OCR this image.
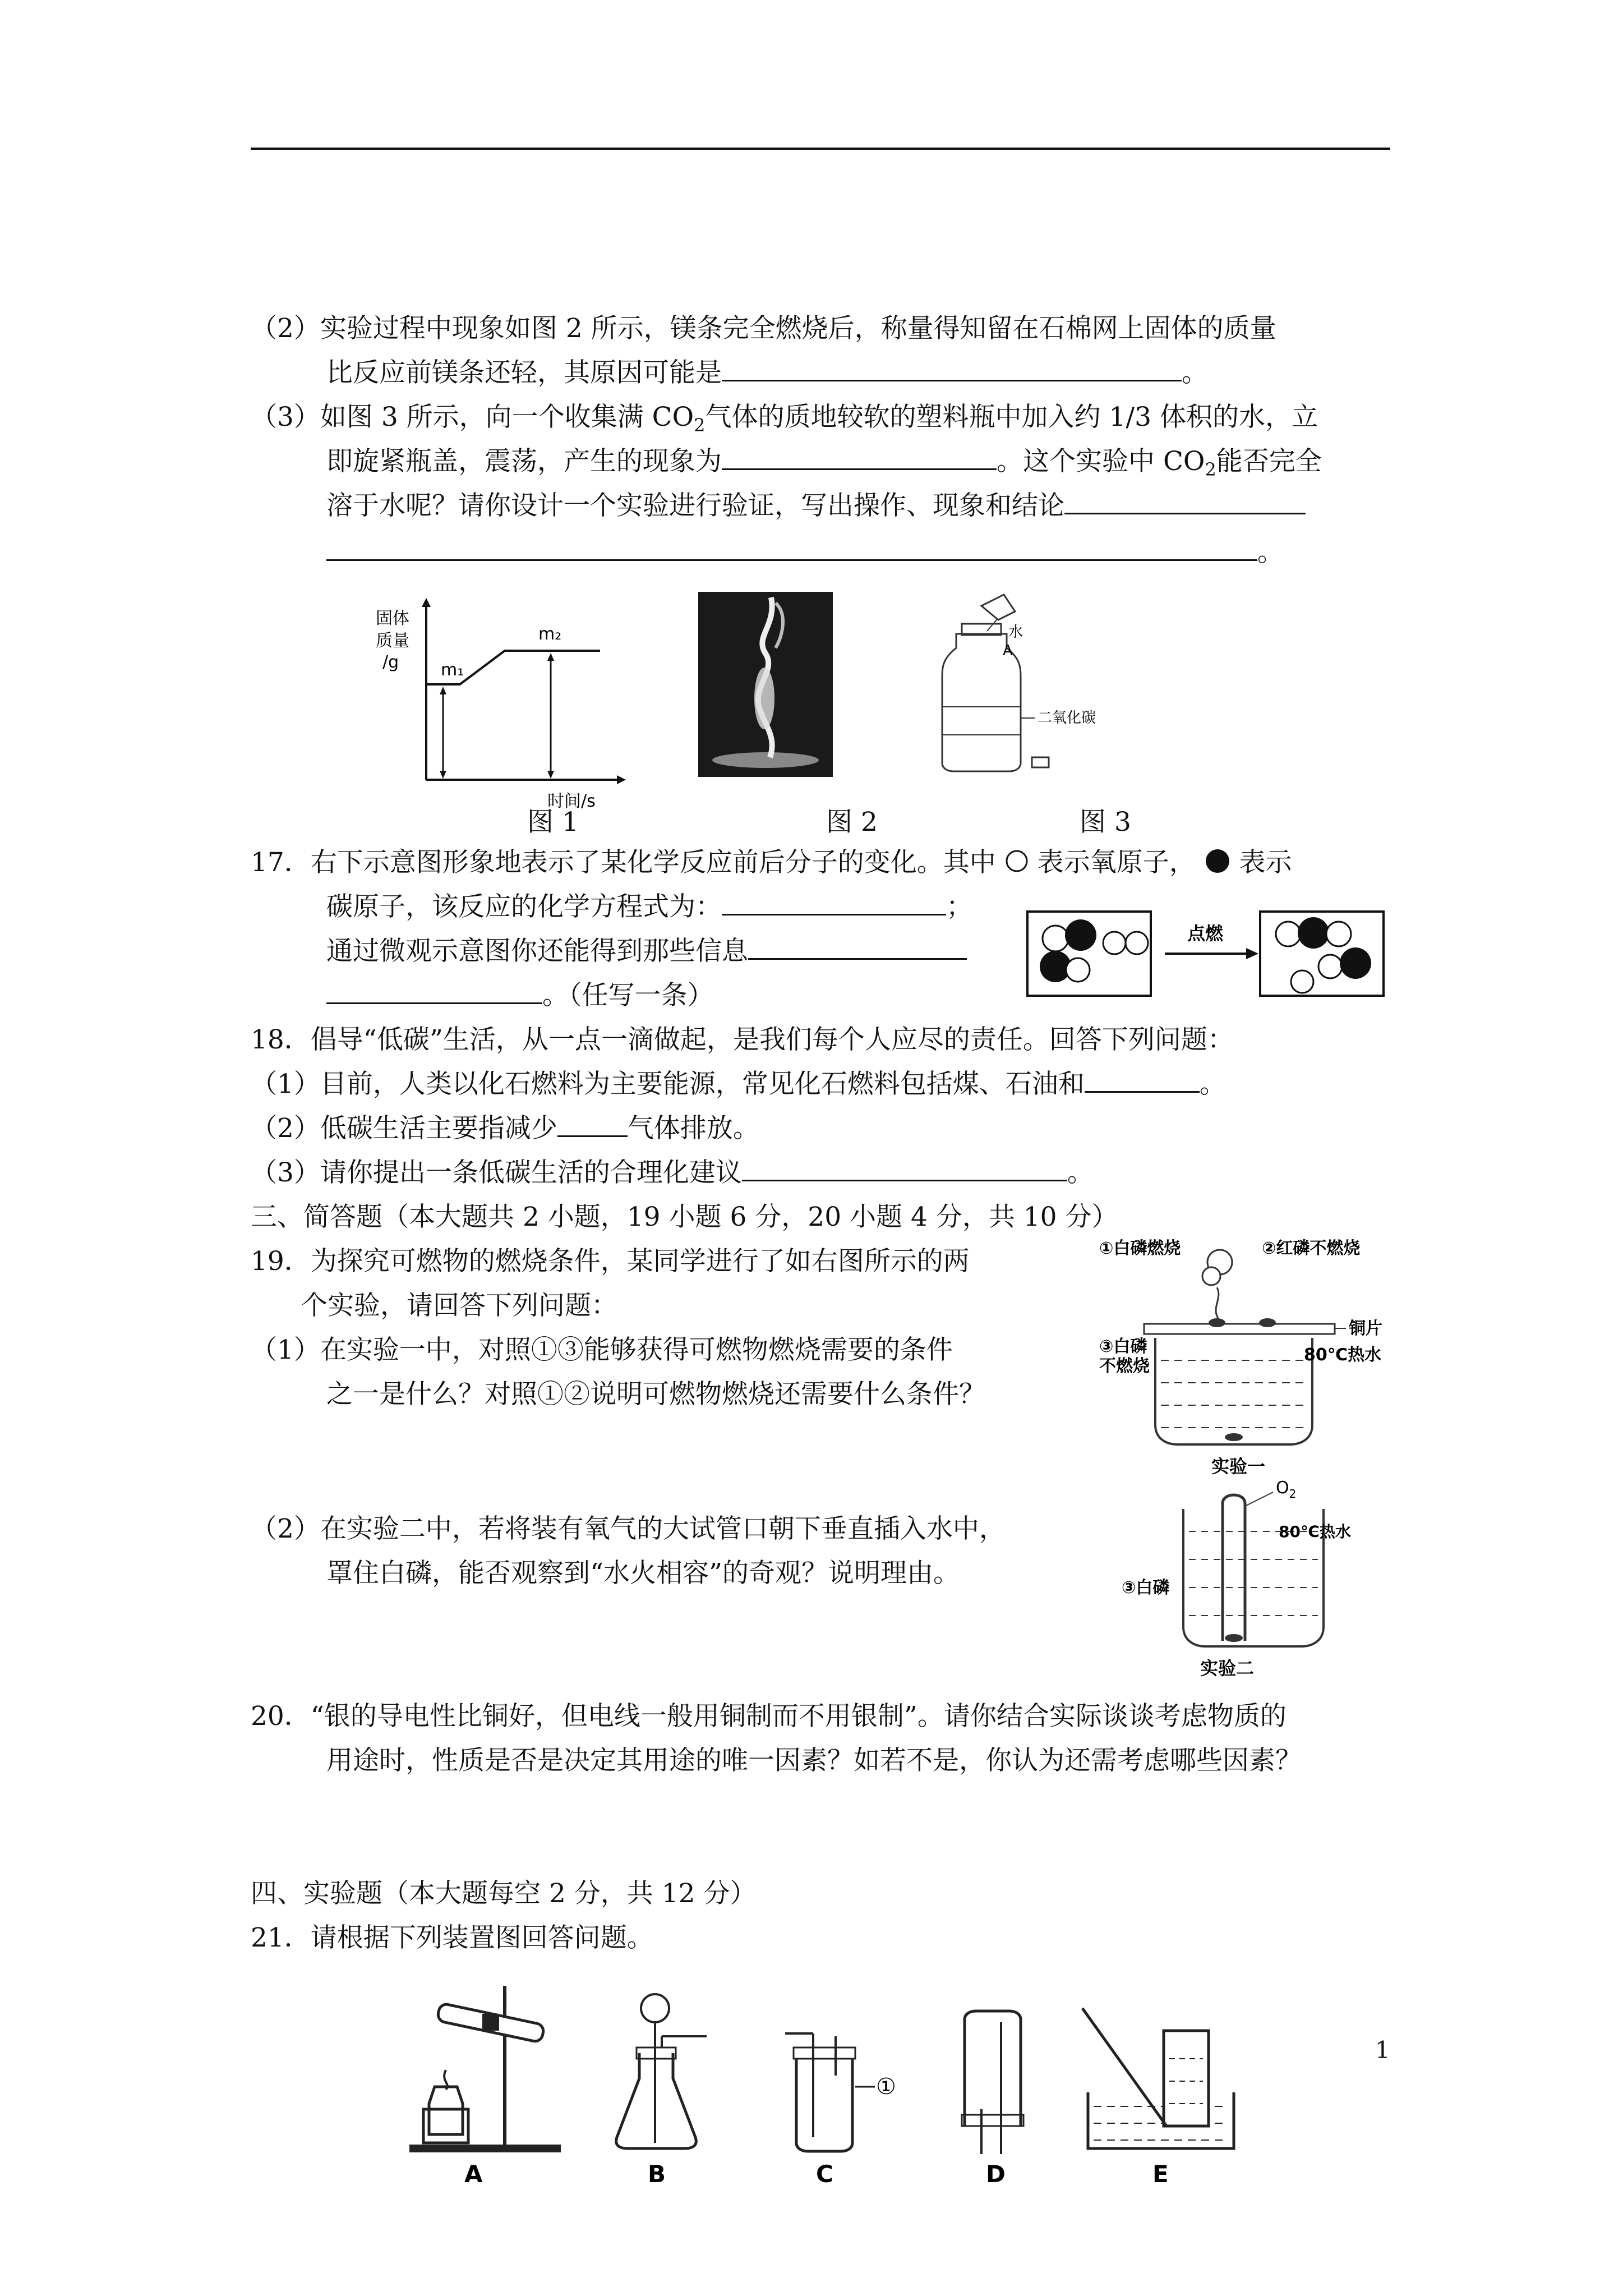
（2）实验过程中现象如图 2 所示，镁条完全燃烧后，称量得知留在石棉网上固体的质量
比反应前镁条还轻，其原因可能是	。
（3）如图 3 所示，向一个收集满 $CO_2$气体的质地较软的塑料瓶中加入约 1/3 体积的水，立
即旋紧瓶盖，震荡，产生的现象为	。这个实验中 $CO_2$能否完全
溶于水呢？请你设计一个实验进行验证，写出操作、现象和结论
。
固体
质量
/g m₁
m₂
时间/s
水
A
二氧化碳
图 1	图 2	图 3
17．右下示意图形象地表示了某化学反应前后分子的变化。其中 表示氧原子， 表示
碳原子，该反应的化学方程式为：	；
通过微观示意图你还能得到那些信息
。（任写一条）
点燃
18．倡导“低碳”生活，从一点一滴做起，是我们每个人应尽的责任。回答下列问题：
（1）目前，人类以化石燃料为主要能源，常见化石燃料包括煤、石油和	。
（2）低碳生活主要指减少	气体排放。
（3）请你提出一条低碳生活的合理化建议	。
三、简答题（本大题共 2 小题，19 小题 6 分，20 小题 4 分，共 10 分）
19．为探究可燃物的燃烧条件，某同学进行了如右图所示的两
个实验，请回答下列问题：
（1）在实验一中，对照①③能够获得可燃物燃烧需要的条件
之一是什么？对照①②说明可燃物燃烧还需要什么条件？
①白磷燃烧	②红磷不燃烧
铜片
③白磷
不燃烧
80℃热水
实验一
（2）在实验二中，若将装有氧气的大试管口朝下垂直插入水中，
罩住白磷，能否观察到“水火相容”的奇观？说明理由。
$O_2$
80℃热水
③白磷
实验二
20．“银的导电性比铜好，但电线一般用铜制而不用银制”。请你结合实际谈谈考虑物质的
用途时，性质是否是决定其用途的唯一因素？如若不是，你认为还需考虑哪些因素？
四、实验题（本大题每空 2 分，共 12 分）
21．请根据下列装置图回答问题。
A	B
①
C	D	E
1
